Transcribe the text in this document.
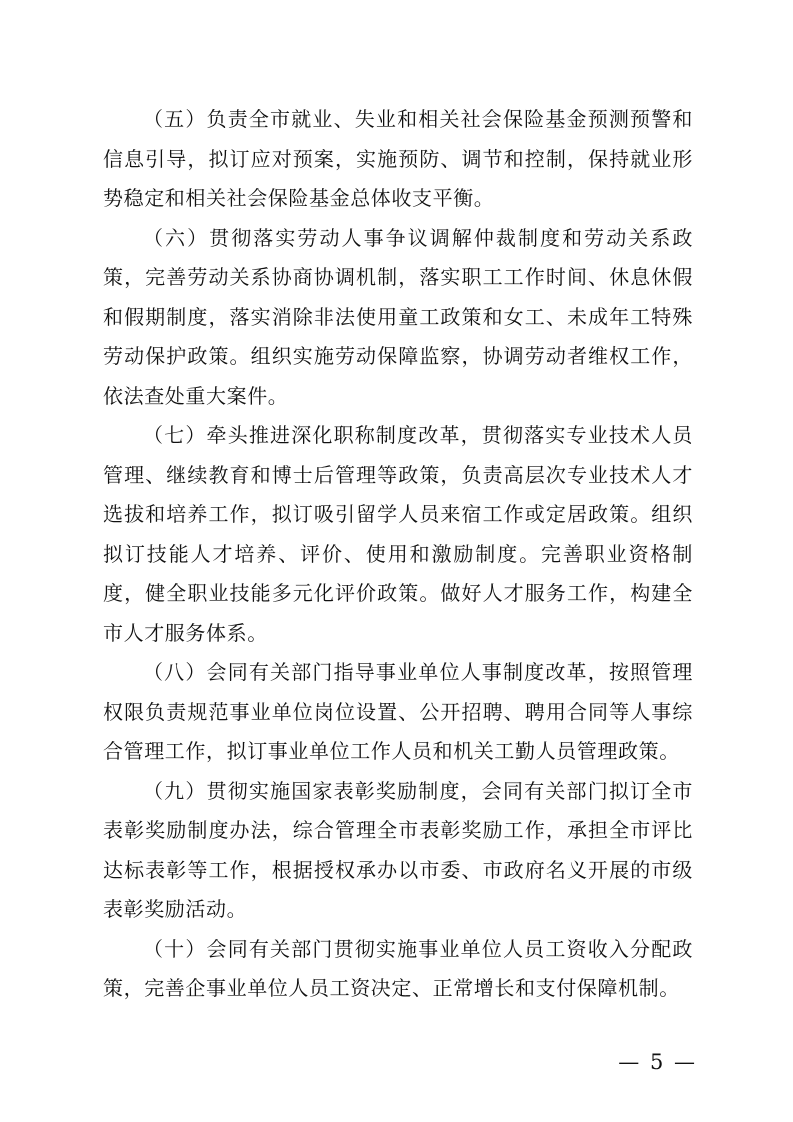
（五）负责全市就业、失业和相关社会保险基金预测预警和信息引导，拟订应对预案，实施预防、调节和控制，保持就业形势稳定和相关社会保险基金总体收支平衡。

（六）贯彻落实劳动人事争议调解仲裁制度和劳动关系政策，完善劳动关系协商协调机制，落实职工工作时间、休息休假和假期制度，落实消除非法使用童工政策和女工、未成年工特殊劳动保护政策。组织实施劳动保障监察，协调劳动者维权工作，依法查处重大案件。

（七）牵头推进深化职称制度改革，贯彻落实专业技术人员管理、继续教育和博士后管理等政策，负责高层次专业技术人才选拔和培养工作，拟订吸引留学人员来宿工作或定居政策。组织拟订技能人才培养、评价、使用和激励制度。完善职业资格制度，健全职业技能多元化评价政策。做好人才服务工作，构建全市人才服务体系。

（八）会同有关部门指导事业单位人事制度改革，按照管理权限负责规范事业单位岗位设置、公开招聘、聘用合同等人事综合管理工作，拟订事业单位工作人员和机关工勤人员管理政策。

（九）贯彻实施国家表彰奖励制度，会同有关部门拟订全市表彰奖励制度办法，综合管理全市表彰奖励工作，承担全市评比达标表彰等工作，根据授权承办以市委、市政府名义开展的市级表彰奖励活动。

（十）会同有关部门贯彻实施事业单位人员工资收入分配政策，完善企事业单位人员工资决定、正常增长和支付保障机制。

— 5 —
